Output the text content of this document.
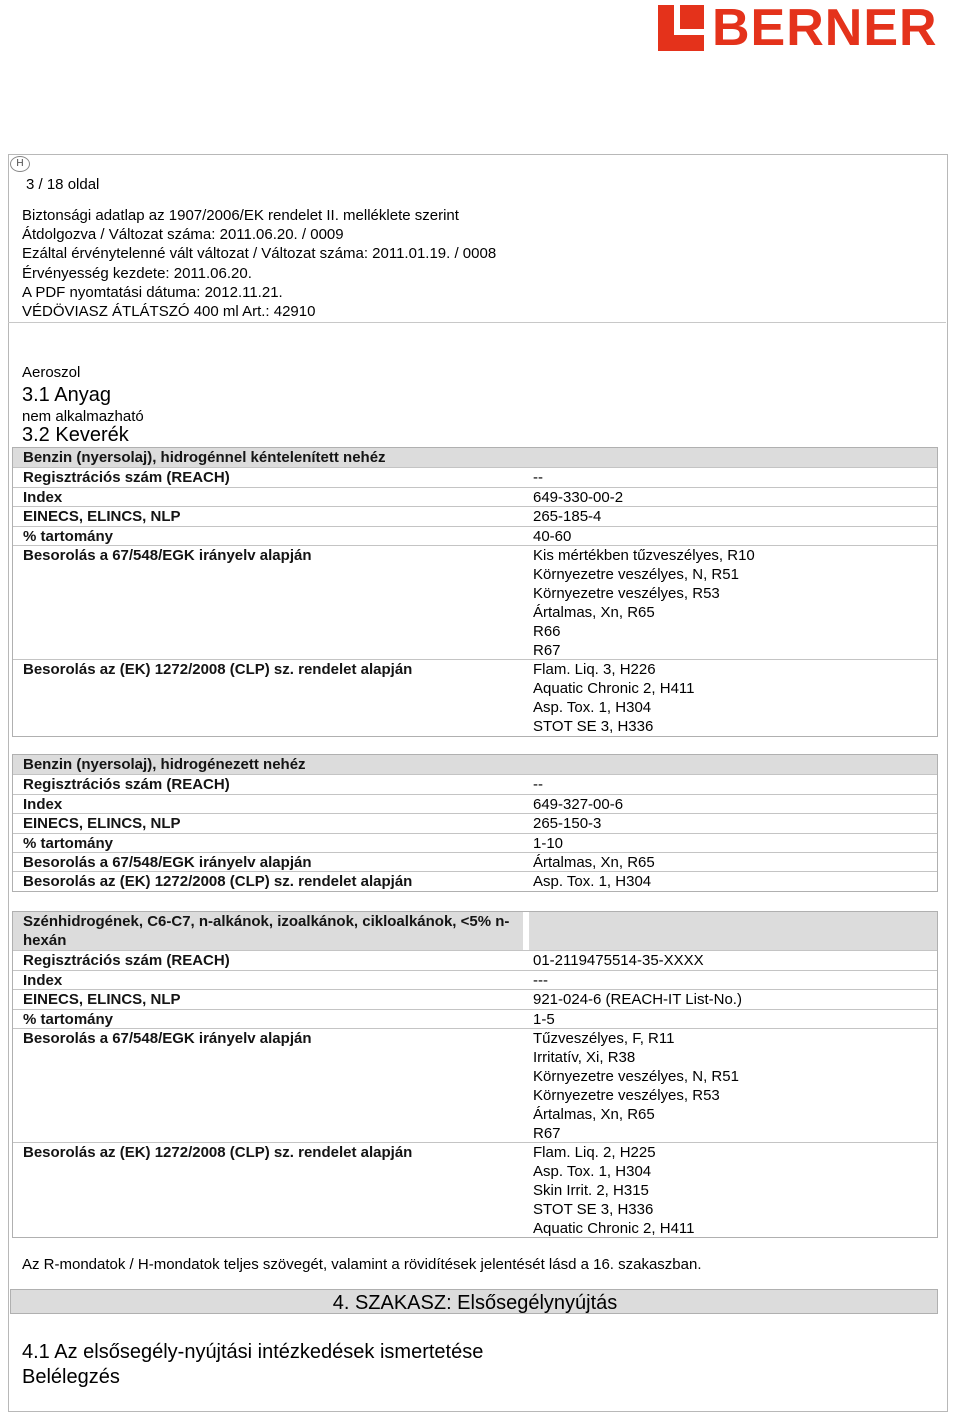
BERNER
H
3 / 18 oldal
Biztonsági adatlap az 1907/2006/EK rendelet II. melléklete szerint
Átdolgozva / Változat száma: 2011.06.20. / 0009
Ezáltal érvénytelenné vált változat / Változat száma: 2011.01.19. / 0008
Érvényesség kezdete: 2011.06.20.
A PDF nyomtatási dátuma: 2012.11.21.
VÉDÖVIASZ ÁTLÁTSZÓ 400 ml Art.: 42910
Aeroszol
3.1 Anyag
nem alkalmazható
3.2 Keverék
Benzin (nyersolaj), hidrogénnel kéntelenített nehéz
Regisztrációs szám (REACH)	--
Index	649-330-00-2
EINECS, ELINCS, NLP	265-185-4
% tartomány	40-60
Besorolás a 67/548/EGK irányelv alapján	Kis mértékben tűzveszélyes, R10
Környezetre veszélyes, N, R51
Környezetre veszélyes, R53
Ártalmas, Xn, R65
R66
R67
Besorolás az (EK) 1272/2008 (CLP) sz. rendelet alapján	Flam. Liq. 3, H226
Aquatic Chronic 2, H411
Asp. Tox. 1, H304
STOT SE 3, H336
Benzin (nyersolaj), hidrogénezett nehéz
Regisztrációs szám (REACH)	--
Index	649-327-00-6
EINECS, ELINCS, NLP	265-150-3
% tartomány	1-10
Besorolás a 67/548/EGK irányelv alapján	Ártalmas, Xn, R65
Besorolás az (EK) 1272/2008 (CLP) sz. rendelet alapján	Asp. Tox. 1, H304
Szénhidrogének, C6-C7, n-alkánok, izoalkánok, cikloalkánok, <5% n-hexán
Regisztrációs szám (REACH)	01-2119475514-35-XXXX
Index	---
EINECS, ELINCS, NLP	921-024-6 (REACH-IT List-No.)
% tartomány	1-5
Besorolás a 67/548/EGK irányelv alapján	Tűzveszélyes, F, R11
Irritatív, Xi, R38
Környezetre veszélyes, N, R51
Környezetre veszélyes, R53
Ártalmas, Xn, R65
R67
Besorolás az (EK) 1272/2008 (CLP) sz. rendelet alapján	Flam. Liq. 2, H225
Asp. Tox. 1, H304
Skin Irrit. 2, H315
STOT SE 3, H336
Aquatic Chronic 2, H411
Az R-mondatok / H-mondatok teljes szövegét, valamint a rövidítések jelentését lásd a 16. szakaszban.
4. SZAKASZ: Elsősegélynyújtás
4.1 Az elsősegély-nyújtási intézkedések ismertetése
Belélegzés
